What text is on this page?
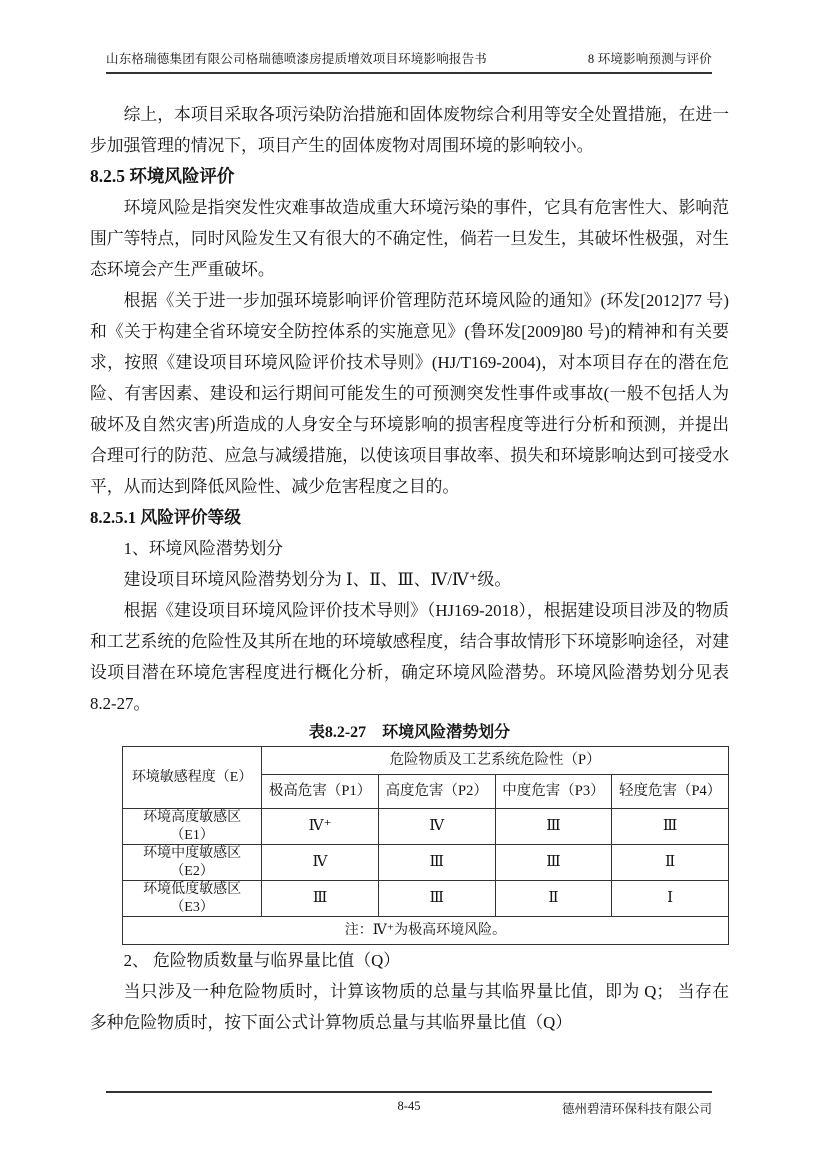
山东格瑞德集团有限公司格瑞德喷漆房提质增效项目环境影响报告书	8 环境影响预测与评价

综上，本项目采取各项污染防治措施和固体废物综合利用等安全处置措施，在进一步加强管理的情况下，项目产生的固体废物对周围环境的影响较小。

8.2.5 环境风险评价

环境风险是指突发性灾难事故造成重大环境污染的事件，它具有危害性大、影响范围广等特点，同时风险发生又有很大的不确定性，倘若一旦发生，其破坏性极强，对生态环境会产生严重破坏。

根据《关于进一步加强环境影响评价管理防范环境风险的通知》(环发[2012]77 号)和《关于构建全省环境安全防控体系的实施意见》(鲁环发[2009]80 号)的精神和有关要求，按照《建设项目环境风险评价技术导则》(HJ/T169-2004)，对本项目存在的潜在危险、有害因素、建设和运行期间可能发生的可预测突发性事件或事故(一般不包括人为破坏及自然灾害)所造成的人身安全与环境影响的损害程度等进行分析和预测，并提出合理可行的防范、应急与减缓措施，以使该项目事故率、损失和环境影响达到可接受水平，从而达到降低风险性、减少危害程度之目的。

8.2.5.1 风险评价等级

1、环境风险潜势划分

建设项目环境风险潜势划分为 Ⅰ、Ⅱ、Ⅲ、Ⅳ/Ⅳ⁺级。

根据《建设项目环境风险评价技术导则》（HJ169-2018），根据建设项目涉及的物质和工艺系统的危险性及其所在地的环境敏感程度，结合事故情形下环境影响途径，对建设项目潜在环境危害程度进行概化分析，确定环境风险潜势。环境风险潜势划分见表 8.2-27。

表8.2-27　环境风险潜势划分
环境敏感程度（E）	危险物质及工艺系统危险性（P）			
	极高危害（P1）	高度危害（P2）	中度危害（P3）	轻度危害（P4）
环境高度敏感区（E1）	Ⅳ⁺	Ⅳ	Ⅲ	Ⅲ
环境中度敏感区（E2）	Ⅳ	Ⅲ	Ⅲ	Ⅱ
环境低度敏感区（E3）	Ⅲ	Ⅲ	Ⅱ	Ⅰ
注：Ⅳ⁺为极高环境风险。				

2、 危险物质数量与临界量比值（Q）

当只涉及一种危险物质时，计算该物质的总量与其临界量比值，即为 Q； 当存在多种危险物质时，按下面公式计算物质总量与其临界量比值（Q）

8-45	德州碧清环保科技有限公司
